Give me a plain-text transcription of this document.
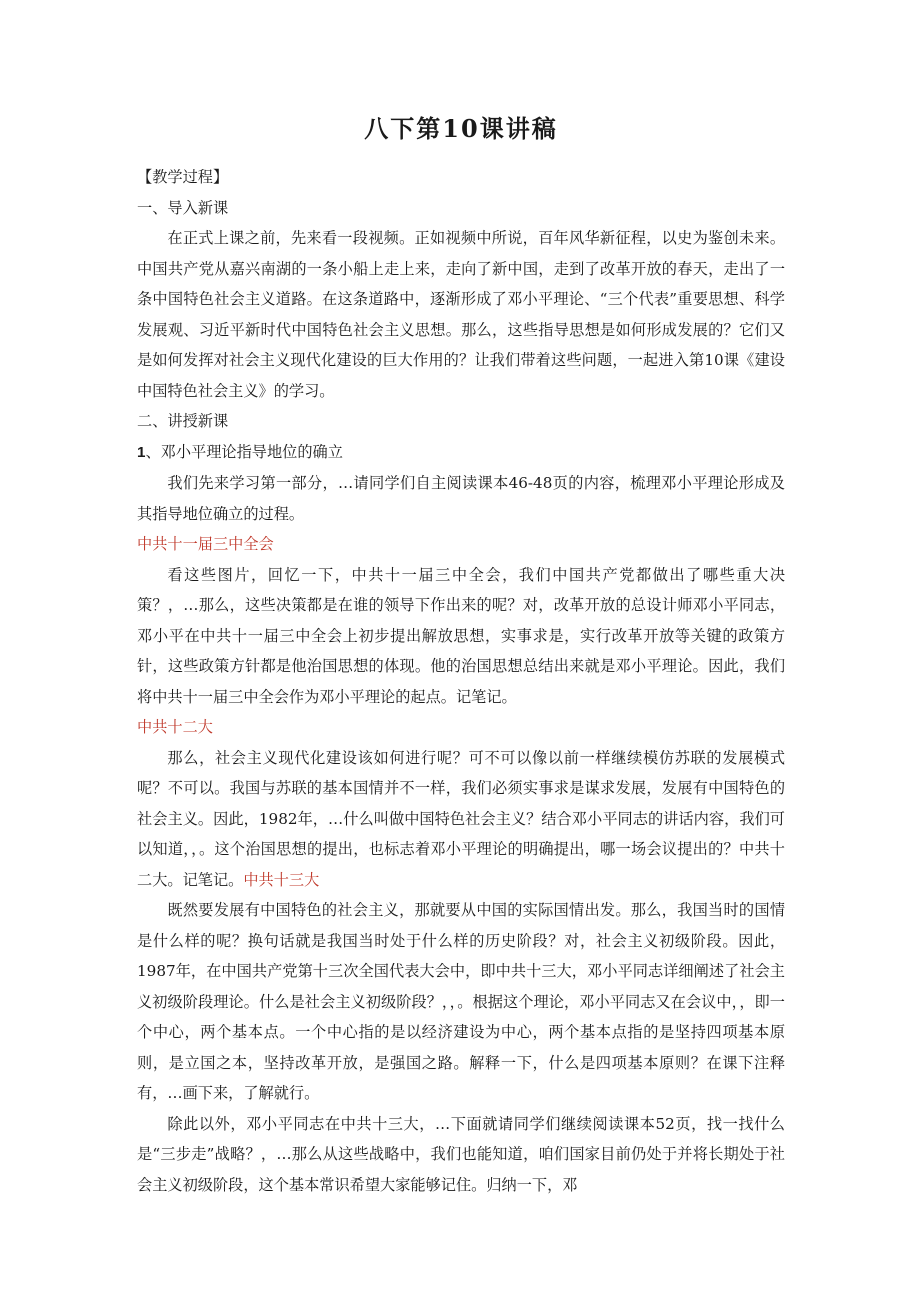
八下第10课讲稿

【教学过程】

一、导入新课

在正式上课之前，先来看一段视频。正如视频中所说，百年风华新征程，以史为鉴创未来。中国共产党从嘉兴南湖的一条小船上走上来，走向了新中国，走到了改革开放的春天，走出了一条中国特色社会主义道路。在这条道路中，逐渐形成了邓小平理论、“三个代表”重要思想、科学发展观、习近平新时代中国特色社会主义思想。那么，这些指导思想是如何形成发展的？它们又是如何发挥对社会主义现代化建设的巨大作用的？让我们带着这些问题，一起进入第10课《建设中国特色社会主义》的学习。

二、讲授新课

1、邓小平理论指导地位的确立

我们先来学习第一部分，…请同学们自主阅读课本46-48页的内容，梳理邓小平理论形成及其指导地位确立的过程。

中共十一届三中全会

看这些图片，回忆一下，中共十一届三中全会，我们中国共产党都做出了哪些重大决策？，…那么，这些决策都是在谁的领导下作出来的呢？对，改革开放的总设计师邓小平同志，邓小平在中共十一届三中全会上初步提出解放思想，实事求是，实行改革开放等关键的政策方针，这些政策方针都是他治国思想的体现。他的治国思想总结出来就是邓小平理论。因此，我们将中共十一届三中全会作为邓小平理论的起点。记笔记。

中共十二大

那么，社会主义现代化建设该如何进行呢？可不可以像以前一样继续模仿苏联的发展模式呢？不可以。我国与苏联的基本国情并不一样，我们必须实事求是谋求发展，发展有中国特色的社会主义。因此，1982年，…什么叫做中国特色社会主义？结合邓小平同志的讲话内容，我们可以知道，，。这个治国思想的提出，也标志着邓小平理论的明确提出，哪一场会议提出的？中共十二大。记笔记。中共十三大

既然要发展有中国特色的社会主义，那就要从中国的实际国情出发。那么，我国当时的国情是什么样的呢？换句话就是我国当时处于什么样的历史阶段？对，社会主义初级阶段。因此，1987年，在中国共产党第十三次全国代表大会中，即中共十三大，邓小平同志详细阐述了社会主义初级阶段理论。什么是社会主义初级阶段？，，。根据这个理论，邓小平同志又在会议中，，即一个中心，两个基本点。一个中心指的是以经济建设为中心，两个基本点指的是坚持四项基本原则，是立国之本，坚持改革开放，是强国之路。解释一下，什么是四项基本原则？在课下注释有，…画下来，了解就行。

除此以外，邓小平同志在中共十三大，…下面就请同学们继续阅读课本52页，找一找什么是“三步走”战略？，…那么从这些战略中，我们也能知道，咱们国家目前仍处于并将长期处于社会主义初级阶段，这个基本常识希望大家能够记住。归纳一下，邓
